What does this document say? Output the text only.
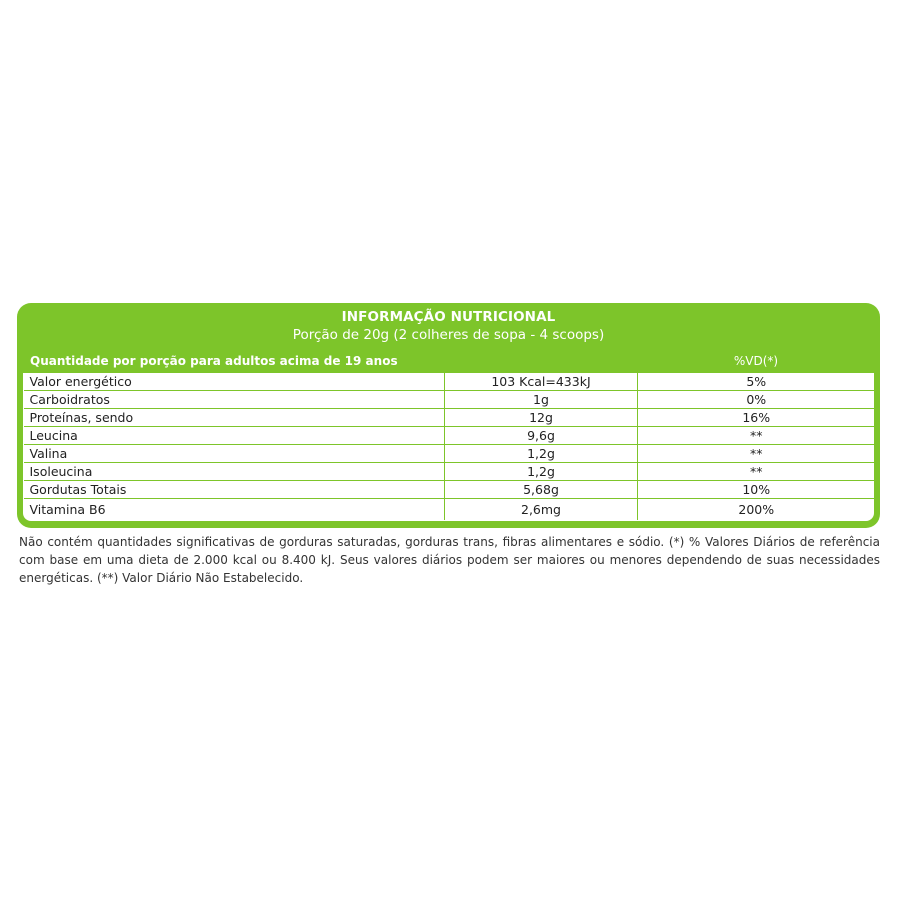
INFORMAÇÃO NUTRICIONAL
Porção de 20g (2 colheres de sopa - 4 scoops)
Quantidade por porção para adultos acima de 19 anos		%VD(*)
Valor energético	103 Kcal=433kJ	5%
Carboidratos	1g	0%
Proteínas, sendo	12g	16%
Leucina	9,6g	**
Valina	1,2g	**
Isoleucina	1,2g	**
Gordutas Totais	5,68g	10%
Vitamina B6	2,6mg	200%
Não contém quantidades significativas de gorduras saturadas, gorduras trans, fibras alimentares e sódio. (*) % Valores Diários de referência com base em uma dieta de 2.000 kcal ou 8.400 kJ. Seus valores diários podem ser maiores ou menores dependendo de suas necessidades energéticas. (**) Valor Diário Não Estabelecido.
